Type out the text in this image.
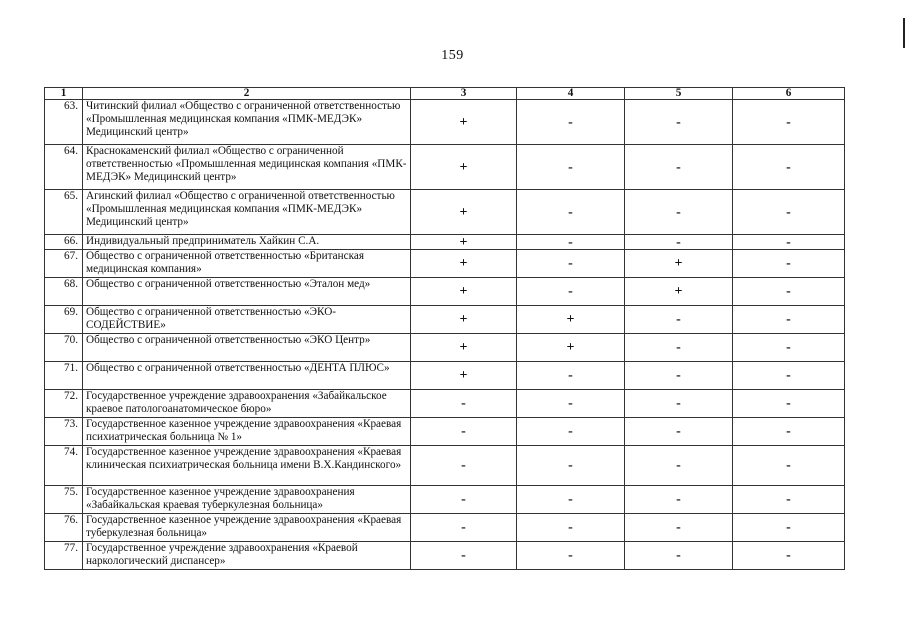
159
1	2	3	4	5	6
63.	Читинский филиал «Общество с ограниченной ответственностью «Промышленная медицинская компания «ПМК-МЕДЭК» Медицинский центр»	+	-	-	-
64.	Краснокаменский филиал «Общество с ограниченной ответственностью «Промышленная медицинская компания «ПМК-МЕДЭК» Медицинский центр»	+	-	-	-
65.	Агинский филиал «Общество с ограниченной ответственностью «Промышленная медицинская компания «ПМК-МЕДЭК» Медицинский центр»	+	-	-	-
66.	Индивидуальный предприниматель Хайкин С.А.	+	-	-	-
67.	Общество с ограниченной ответственностью «Британская медицинская компания»	+	-	+	-
68.	Общество с ограниченной ответственностью «Эталон мед»	+	-	+	-
69.	Общество с ограниченной ответственностью «ЭКО-СОДЕЙСТВИЕ»	+	+	-	-
70.	Общество с ограниченной ответственностью «ЭКО Центр»	+	+	-	-
71.	Общество с ограниченной ответственностью «ДЕНТА ПЛЮС»	+	-	-	-
72.	Государственное учреждение здравоохранения «Забайкальское краевое патологоанатомическое бюро»	-	-	-	-
73.	Государственное казенное учреждение здравоохранения «Краевая психиатрическая больница № 1»	-	-	-	-
74.	Государственное казенное учреждение здравоохранения «Краевая клиническая психиатрическая больница имени В.Х.Кандинского»	-	-	-	-
75.	Государственное казенное учреждение здравоохранения «Забайкальская краевая туберкулезная больница»	-	-	-	-
76.	Государственное казенное учреждение здравоохранения «Краевая туберкулезная больница»	-	-	-	-
77.	Государственное учреждение здравоохранения «Краевой наркологический диспансер»	-	-	-	-
